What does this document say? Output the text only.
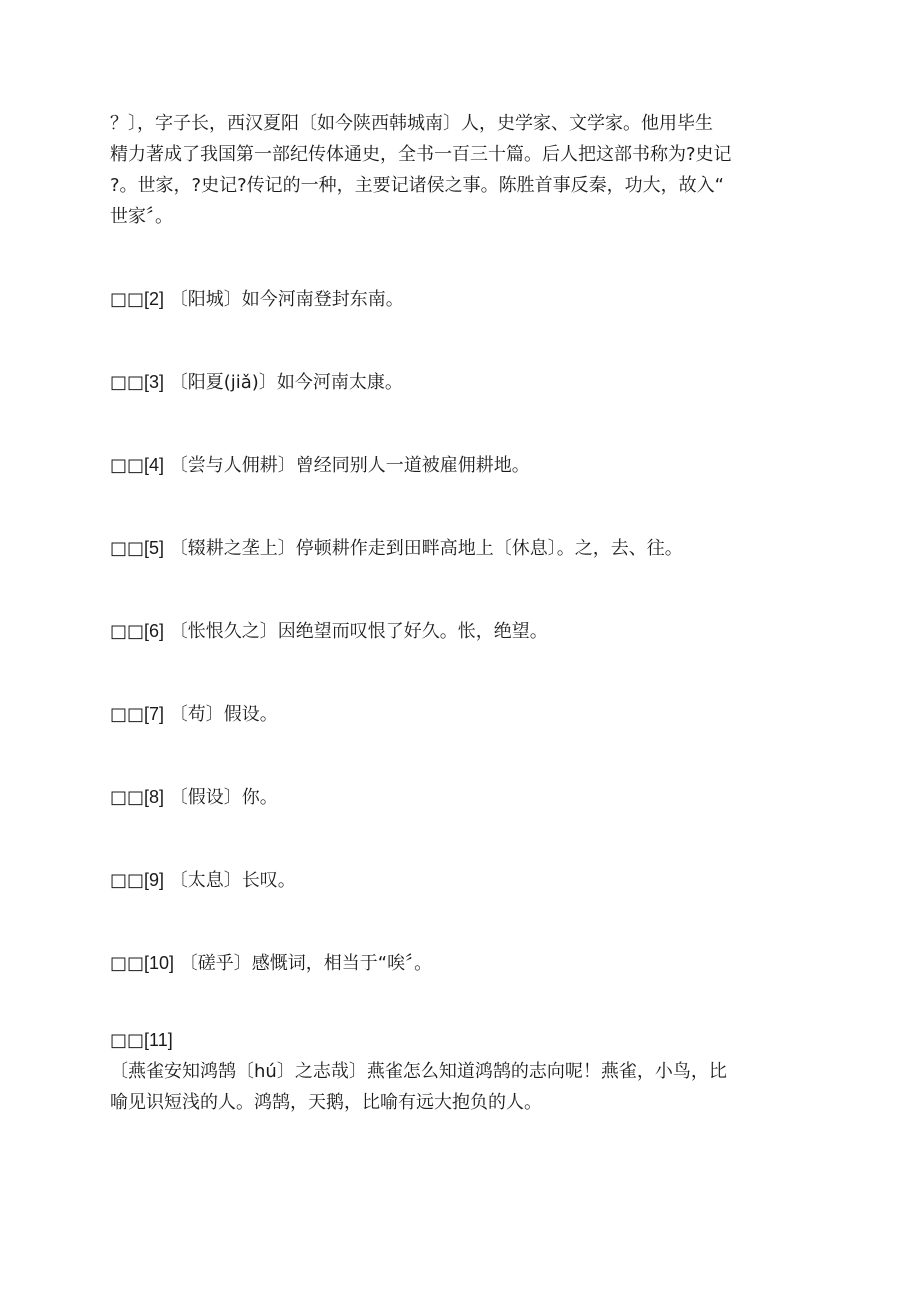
？〕，字子长，西汉夏阳〔如今陕西韩城南〕人，史学家、文学家。他用毕生
精力著成了我国第一部纪传体通史，全书一百三十篇。后人把这部书称为?史记
?。世家，?史记?传记的一种，主要记诸侯之事。陈胜首事反秦，功大，故入“
世家〞。

□□[2] 〔阳城〕如今河南登封东南。

□□[3] 〔阳夏(jiǎ)〕如今河南太康。

□□[4] 〔尝与人佣耕〕曾经同别人一道被雇佣耕地。

□□[5] 〔辍耕之垄上〕停顿耕作走到田畔高地上〔休息〕。之，去、往。

□□[6] 〔怅恨久之〕因绝望而叹恨了好久。怅，绝望。

□□[7] 〔苟〕假设。

□□[8] 〔假设〕你。

□□[9] 〔太息〕长叹。

□□[10] 〔磋乎〕感慨词，相当于“唉〞。

□□[11]
〔燕雀安知鸿鹄〔hú〕之志哉〕燕雀怎么知道鸿鹄的志向呢！燕雀，小鸟，比
喻见识短浅的人。鸿鹄，天鹅，比喻有远大抱负的人。
